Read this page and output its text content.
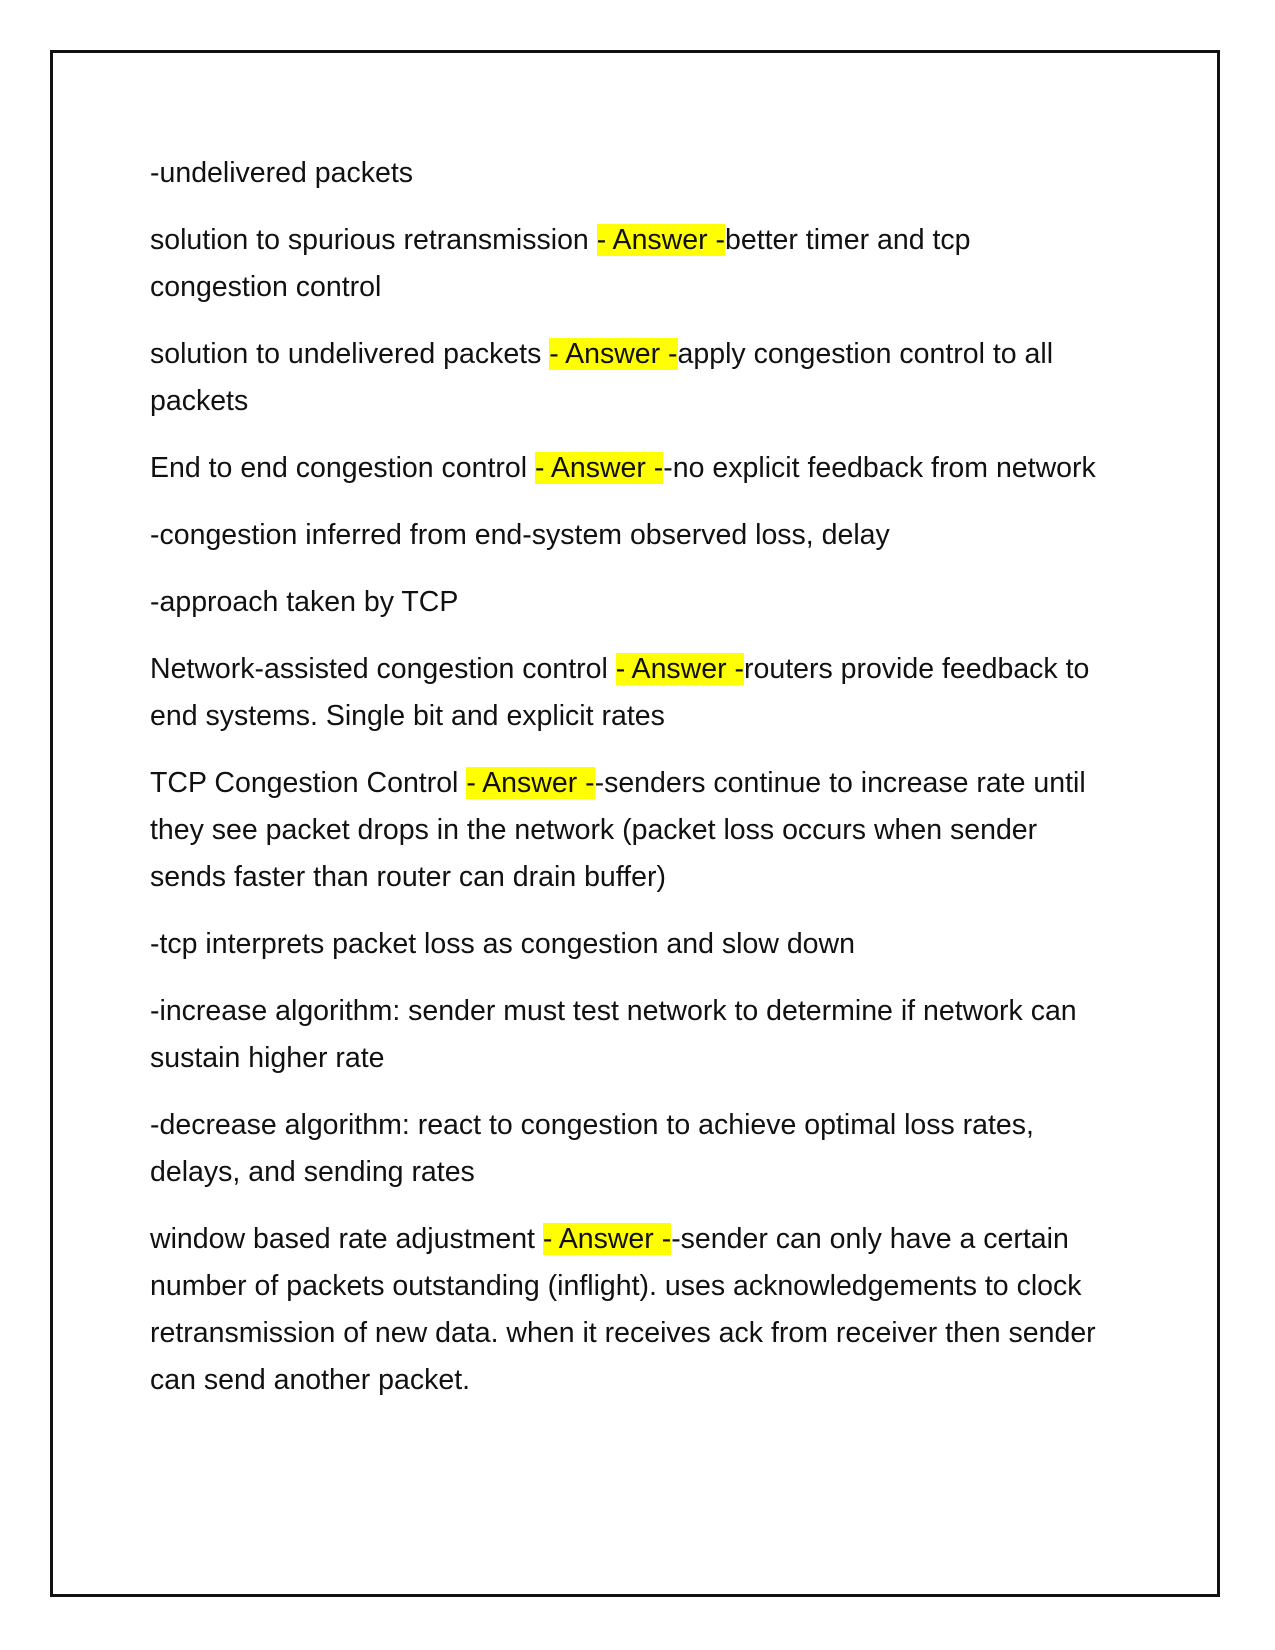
-undelivered packets

solution to spurious retransmission - Answer -better timer and tcp congestion control

solution to undelivered packets - Answer -apply congestion control to all packets

End to end congestion control - Answer --no explicit feedback from network

-congestion inferred from end-system observed loss, delay

-approach taken by TCP

Network-assisted congestion control - Answer -routers provide feedback to end systems. Single bit and explicit rates

TCP Congestion Control - Answer --senders continue to increase rate until they see packet drops in the network (packet loss occurs when sender sends faster than router can drain buffer)

-tcp interprets packet loss as congestion and slow down

-increase algorithm: sender must test network to determine if network can sustain higher rate

-decrease algorithm: react to congestion to achieve optimal loss rates, delays, and sending rates

window based rate adjustment - Answer --sender can only have a certain number of packets outstanding (inflight). uses acknowledgements to clock retransmission of new data. when it receives ack from receiver then sender can send another packet.
